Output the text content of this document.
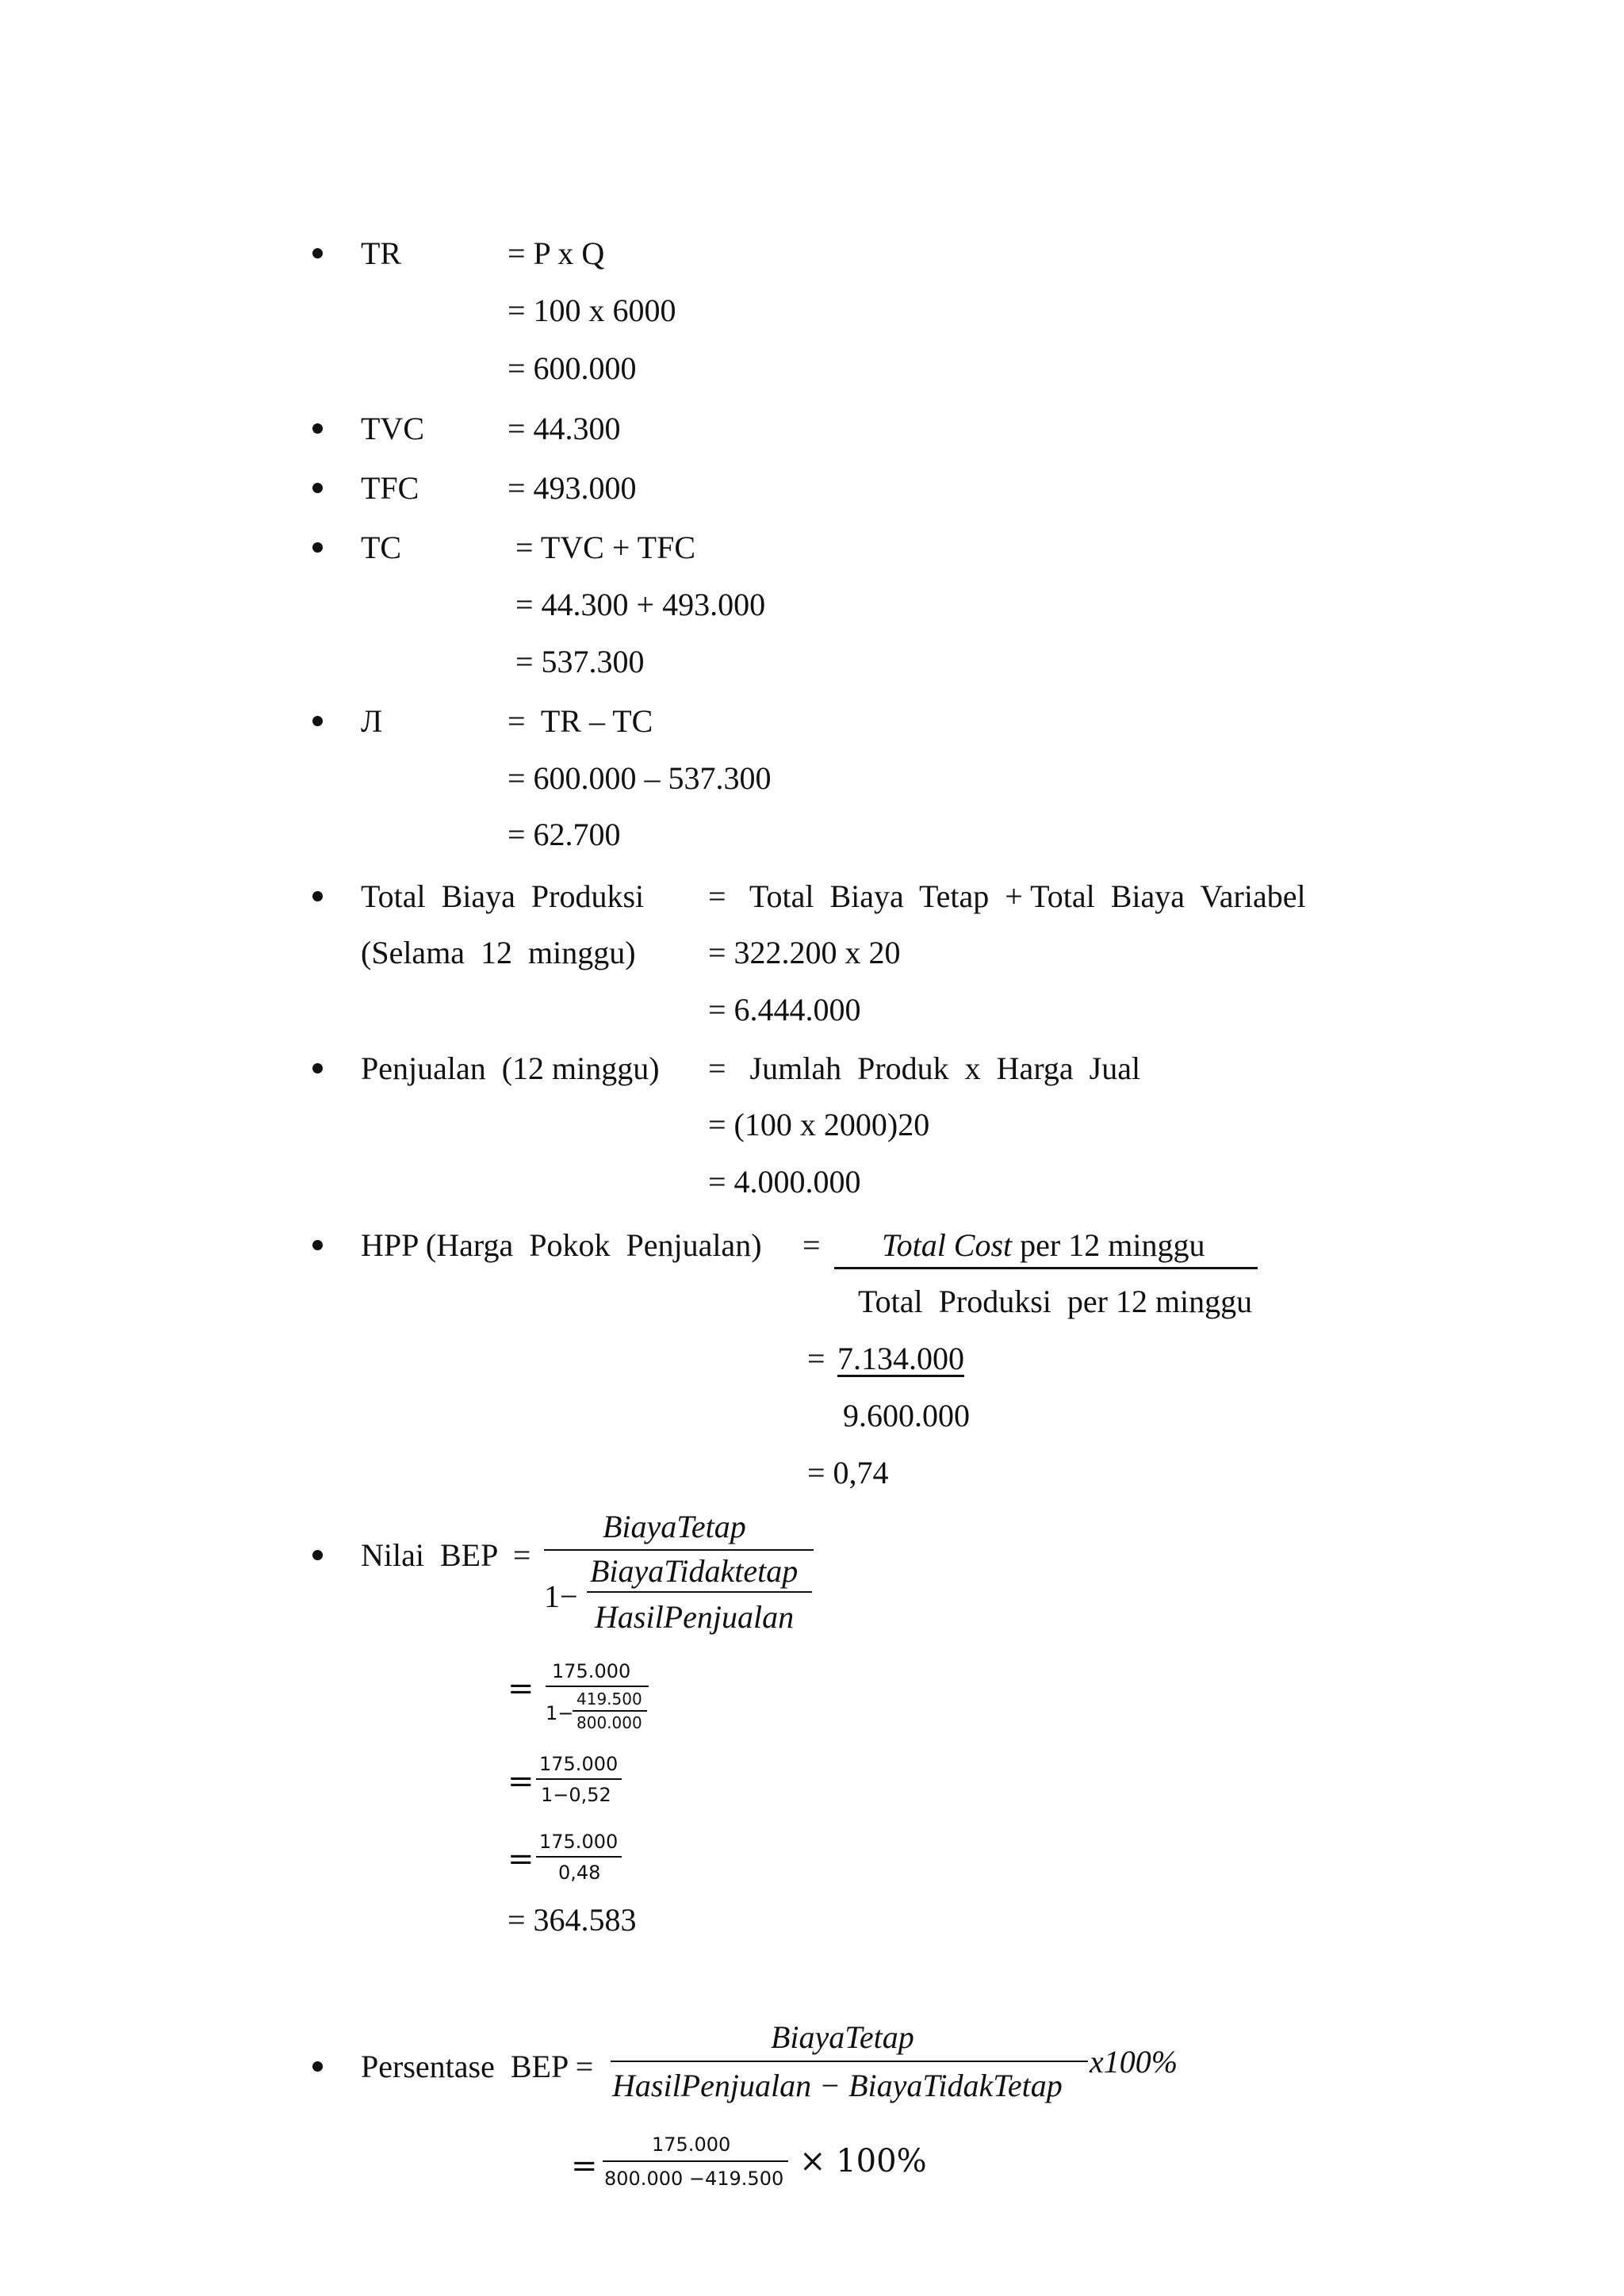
TR	= P x Q
= 100 x 6000
= 600.000
TVC	= 44.300
TFC	= 493.000
TC	= TVC + TFC
= 44.300 + 493.000
= 537.300
Л	=  TR – TC
= 600.000 – 537.300
= 62.700
Total  Biaya  Produksi
(Selama  12  minggu)
=   Total  Biaya  Tetap  + Total  Biaya  Variabel
= 322.200 x 20
= 6.444.000
Penjualan  (12 minggu) =   Jumlah  Produk  x  Harga  Jual
= (100 x 2000)20
= 4.000.000
HPP (Harga  Pokok  Penjualan) = Total Cost per 12 minggu
Total  Produksi  per 12 minggu
= 7.134.000
9.600.000
= 0,74
Nilai  BEP  =
BiayaTetap
1−
BiayaTidaktetap
HasilPenjualan
= 175.000
1−
419.500
800.000
= 175.000
1−0,52
= 175.000
0,48
= 364.583
Persentase  BEP =
BiayaTetap
HasilPenjualan − BiayaTidakTetap
x100%
=
175.000
800.000 −419.500 × 100%
